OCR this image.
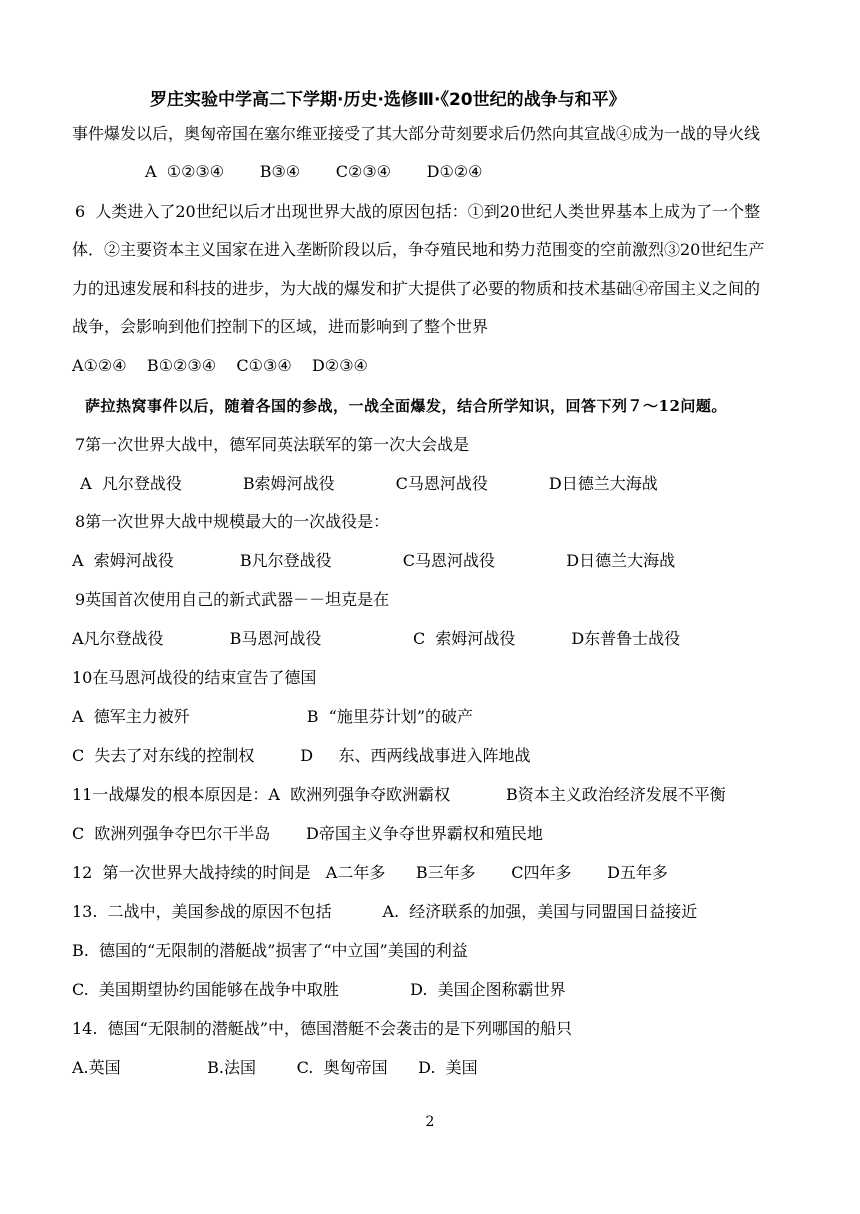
罗庄实验中学高二下学期·历史·选修Ⅲ·《20世纪的战争与和平》
事件爆发以后，奥匈帝国在塞尔维亚接受了其大部分苛刻要求后仍然向其宣战④成为一战的导火线
A  ①②③④       B③④       C②③④       D①②④
6  人类进入了20世纪以后才出现世界大战的原因包括：①到20世纪人类世界基本上成为了一个整
体．②主要资本主义国家在进入垄断阶段以后，争夺殖民地和势力范围变的空前激烈③20世纪生产
力的迅速发展和科技的进步，为大战的爆发和扩大提供了必要的物质和技术基础④帝国主义之间的
战争，会影响到他们控制下的区域，进而影响到了整个世界
A①②④    B①②③④    C①③④    D②③④
萨拉热窝事件以后，随着各国的参战，一战全面爆发，结合所学知识，回答下列７～12问题。
7第一次世界大战中，德军同英法联军的第一次大会战是
A  凡尔登战役            B索姆河战役            C马恩河战役            D日德兰大海战
8第一次世界大战中规模最大的一次战役是：
A  索姆河战役             B凡尔登战役              C马恩河战役              D日德兰大海战
9英国首次使用自己的新式武器－－坦克是在
A凡尔登战役             B马恩河战役                  C  索姆河战役           D东普鲁士战役
10在马恩河战役的结束宣告了德国
A  德军主力被歼                       B  “施里芬计划”的破产
C  失去了对东线的控制权         D     东、西两线战事进入阵地战
11一战爆发的根本原因是：A  欧洲列强争夺欧洲霸权           B资本主义政治经济发展不平衡
C  欧洲列强争夺巴尔干半岛       D帝国主义争夺世界霸权和殖民地
12  第一次世界大战持续的时间是   A二年多      B三年多       C四年多       D五年多
13.  二战中，美国参战的原因不包括          A.  经济联系的加强，美国与同盟国日益接近
B.  德国的“无限制的潜艇战”损害了“中立国”美国的利益
C.  美国期望协约国能够在战争中取胜              D.  美国企图称霸世界
14.  德国“无限制的潜艇战”中，德国潜艇不会袭击的是下列哪国的船只
A.英国                 B.法国        C.  奥匈帝国      D.  美国
2
